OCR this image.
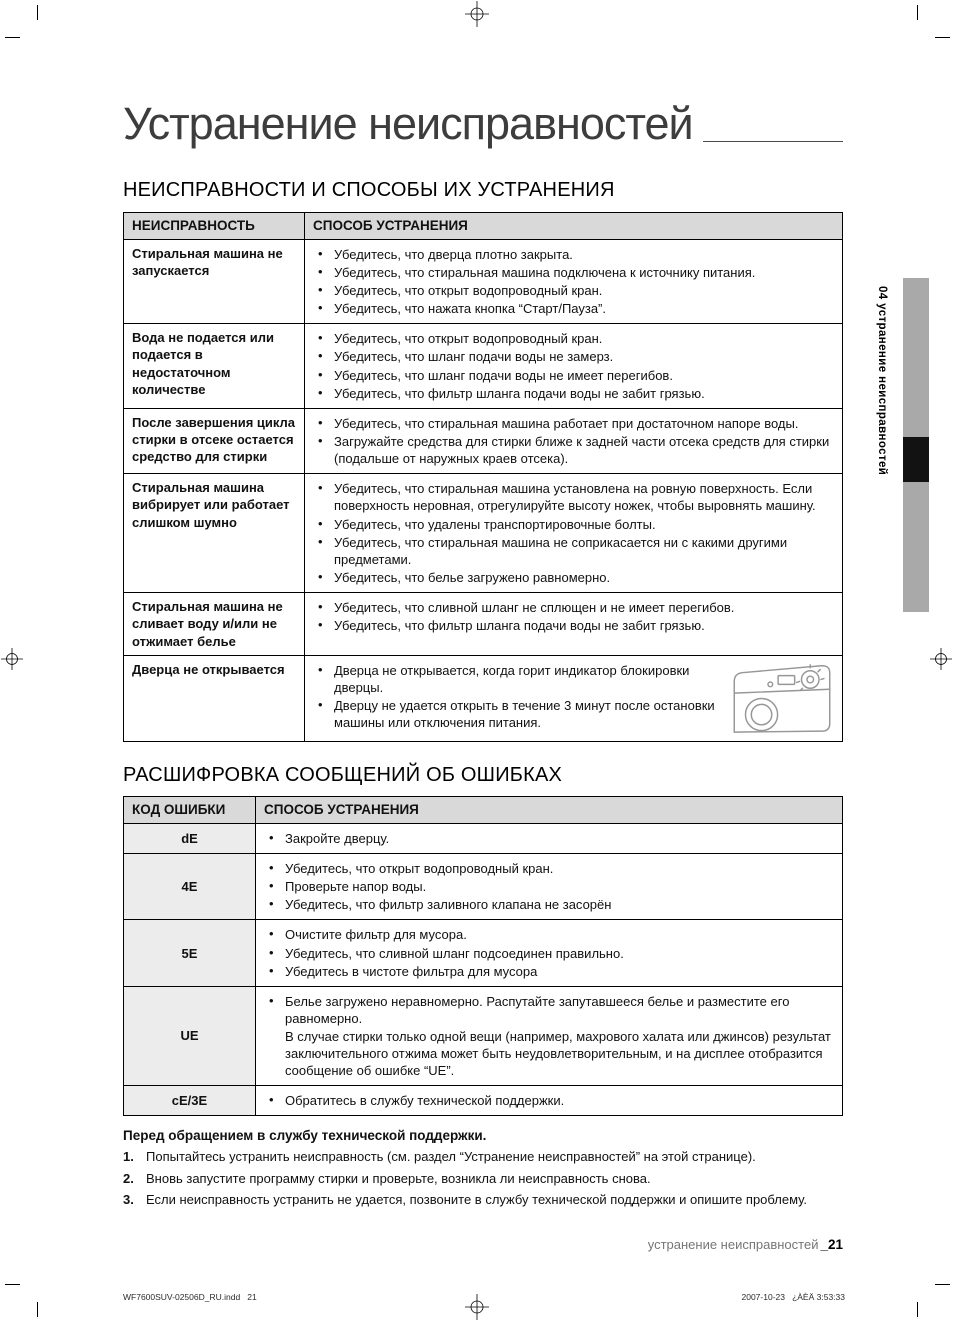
04 устранение неисправностей
Устранение неисправностей
НЕИСПРАВНОСТИ И СПОСОБЫ ИХ УСТРАНЕНИЯ
НЕИСПРАВНОСТЬ	СПОСОБ УСТРАНЕНИЯ
Стиральная машина не запускается	
• Убедитесь, что дверца плотно закрыта.
• Убедитесь, что стиральная машина подключена к источнику питания.
• Убедитесь, что открыт водопроводный кран.
• Убедитесь, что нажата кнопка “Старт/Пауза”.

Вода не подается или подается в недостаточном количестве	
• Убедитесь, что открыт водопроводный кран.
• Убедитесь, что шланг подачи воды не замерз.
• Убедитесь, что шланг подачи воды не имеет перегибов.
• Убедитесь, что фильтр шланга подачи воды не забит грязью.

После завершения цикла стирки в отсеке остается средство для стирки	
• Убедитесь, что стиральная машина работает при достаточном напоре воды.
• Загружайте средства для стирки ближе к задней части отсека средств для стирки (подальше от наружных краев отсека).

Стиральная машина вибрирует или работает слишком шумно	
• Убедитесь, что стиральная машина установлена на ровную поверхность. Если поверхность неровная, отрегулируйте высоту ножек, чтобы выровнять машину.
• Убедитесь, что удалены транспортировочные болты.
• Убедитесь, что стиральная машина не соприкасается ни с какими другими предметами.
• Убедитесь, что белье загружено равномерно.

Стиральная машина не сливает воду и/или не отжимает белье	
• Убедитесь, что сливной шланг не сплющен и не имеет перегибов.
• Убедитесь, что фильтр шланга подачи воды не забит грязью.

Дверца не открывается	
•Дверца не открывается, когда горит индикатор блокировки дверцы.
• Дверцу не удается открыть в течение 3 минут после остановки машины или отключения питания.
РАСШИФРОВКА СООБЩЕНИЙ ОБ ОШИБКАХ
КОД ОШИБКИ	СПОСОБ УСТРАНЕНИЯ
dE	
•Закройте дверцу.

4E	
• Убедитесь, что открыт водопроводный кран.
• Проверьте напор воды.
• Убедитесь, что фильтр заливного клапана не засорён

5E	
• Очистите фильтр для мусора.
• Убедитесь, что сливной шланг подсоединен правильно.
• Убедитесь в чистоте фильтра для мусора

UE	
• Белье загружено неравномерно. Распутайте запутавшееся белье и разместите его равномерно.
В случае стирки только одной вещи (например, махрового халата или джинсов) результат заключительного отжима может быть неудовлетворительным, и на дисплее отобразится сообщение об ошибке “UE”.

cE/3E	
•Обратитесь в службу технической поддержки.

Перед обращением в службу технической поддержки.

1. Попытайтесь устранить неисправность (см. раздел “Устранение неисправностей” на этой странице).
2. Вновь запустите программу стирки и проверьте, возникла ли неисправность снова.
3. Если неисправность устранить не удается, позвоните в службу технической поддержки и опишите проблему.
устранение неисправностей _21
WF7600SUV-02506D_RU.indd   21	2007-10-23   ¿ÀÈÄ 3:53:33
